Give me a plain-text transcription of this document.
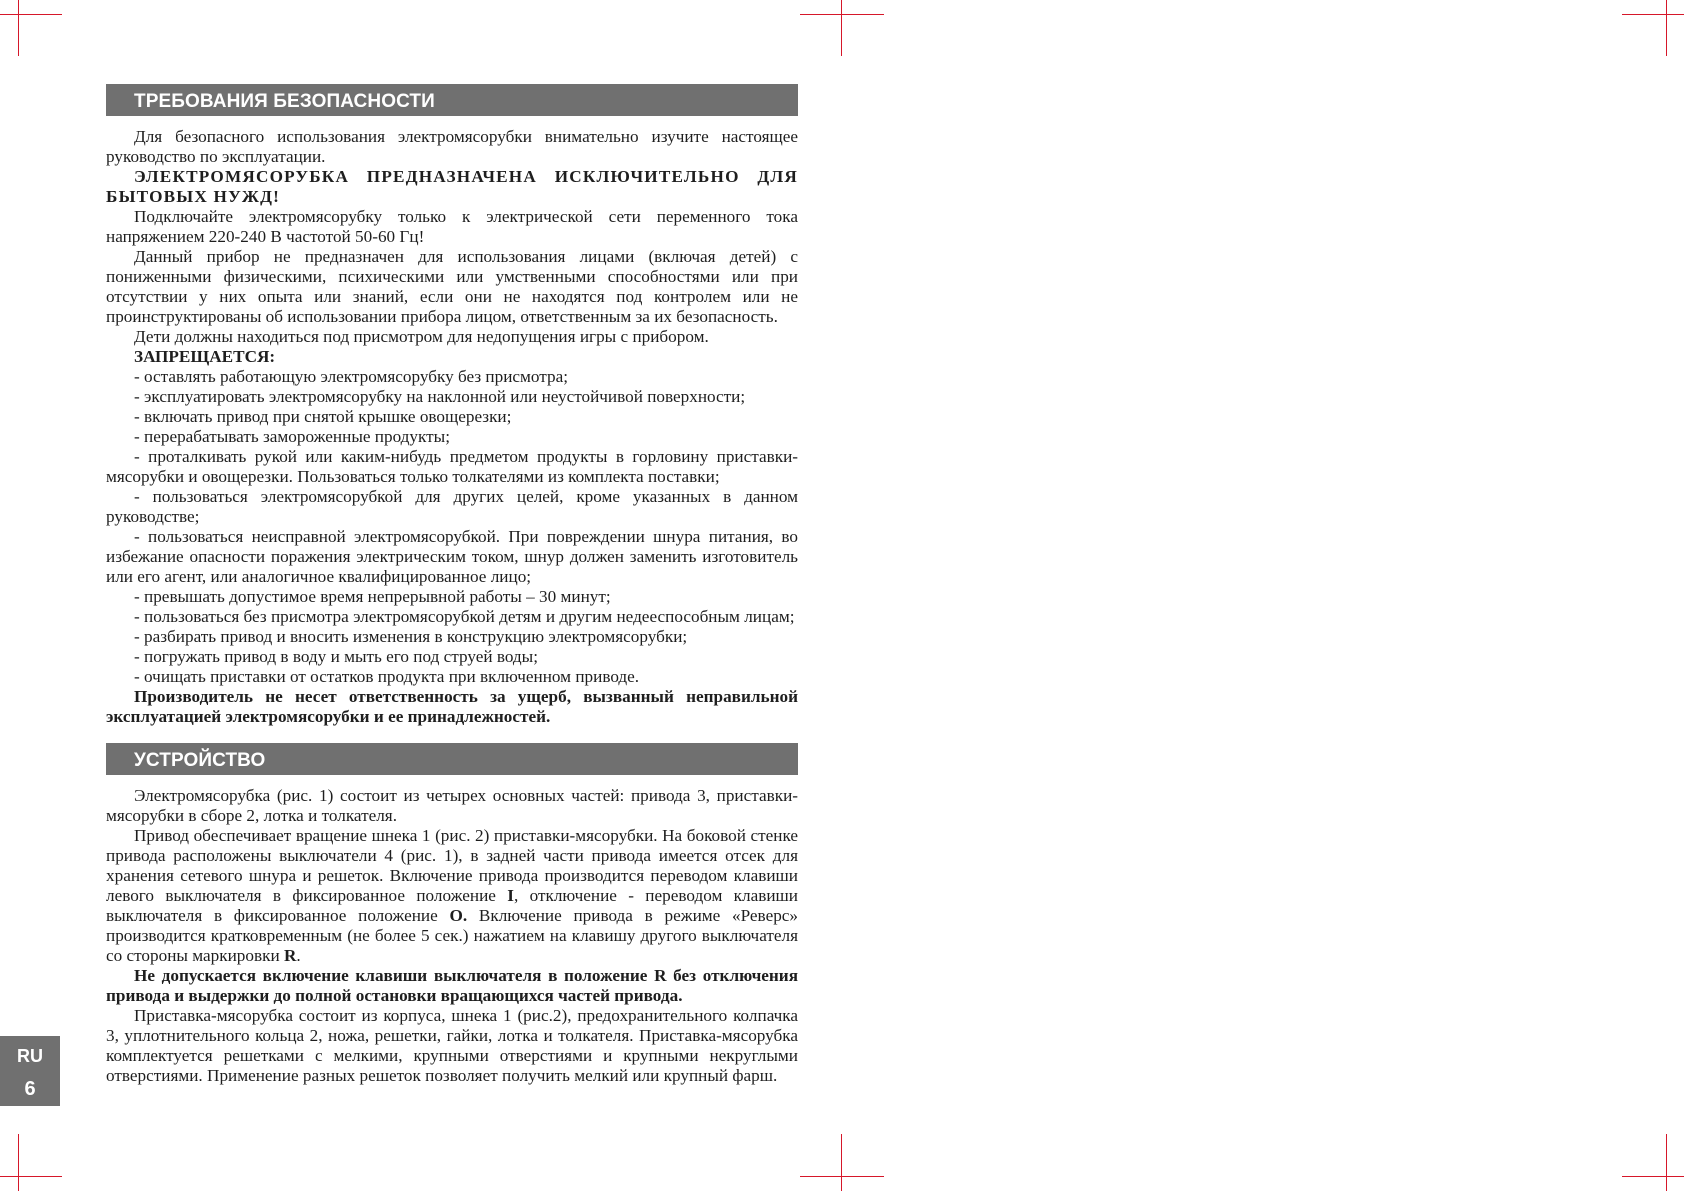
ТРЕБОВАНИЯ БЕЗОПАСНОСТИ

Для безопасного использования электромясорубки внимательно изучите настоящее руководство по эксплуатации.

ЭЛЕКТРОМЯСОРУБКА ПРЕДНАЗНАЧЕНА ИСКЛЮЧИТЕЛЬНО ДЛЯ БЫТОВЫХ НУЖД!

Подключайте электромясорубку только к электрической сети переменного тока напряжением 220-240 В частотой 50-60 Гц!

Данный прибор не предназначен для использования лицами (включая детей) с пониженными физическими, психическими или умственными способностями или при отсутствии у них опыта или знаний, если они не находятся под контролем или не проинструктированы об использовании прибора лицом, ответственным за их безопасность.

Дети должны находиться под присмотром для недопущения игры с прибором.

ЗАПРЕЩАЕТСЯ:

- оставлять работающую электромясорубку без присмотра;

- эксплуатировать электромясорубку на наклонной или неустойчивой поверхности;

- включать привод при снятой крышке овощерезки;

- перерабатывать замороженные продукты;

- проталкивать рукой или каким-нибудь предметом продукты в горловину приставки-мясорубки и овощерезки. Пользоваться только толкателями из комплекта поставки;

- пользоваться электромясорубкой для других целей, кроме указанных в данном руководстве;

- пользоваться неисправной электромясорубкой. При повреждении шнура питания, во избежание опасности поражения электрическим током, шнур должен заменить изготовитель или его агент, или аналогичное квалифицированное лицо;

- превышать допустимое время непрерывной работы – 30 минут;

- пользоваться без присмотра электромясорубкой детям и другим недееспособным лицам;

- разбирать привод и вносить изменения в конструкцию электромясорубки;

- погружать привод в воду и мыть его под струей воды;

- очищать приставки от остатков продукта при включенном приводе.

Производитель не несет ответственность за ущерб, вызванный неправильной эксплуатацией электромясорубки и ее принадлежностей.

УСТРОЙСТВО

Электромясорубка (рис. 1) состоит из четырех основных частей: привода 3, приставки-мясорубки в сборе 2, лотка и толкателя.

Привод обеспечивает вращение шнека 1 (рис. 2) приставки-мясорубки. На боковой стенке привода расположены выключатели 4 (рис. 1), в задней части привода имеется отсек для хранения сетевого шнура и решеток. Включение привода производится переводом клавиши левого выключателя в фиксированное положение I, отключение - переводом клавиши выключателя в фиксированное положение O. Включение привода в режиме «Реверс» производится кратковременным (не более 5 сек.) нажатием на клавишу другого выключателя со стороны маркировки R.

Не допускается включение клавиши выключателя в положение R без отключения привода и выдержки до полной остановки вращающихся частей привода.

Приставка-мясорубка состоит из корпуса, шнека 1 (рис.2), предохранительного колпачка 3, уплотнительного кольца 2, ножа, решетки, гайки, лотка и толкателя. Приставка-мясорубка комплектуется решетками с мелкими, крупными отверстиями и крупными некруглыми отверстиями. Применение разных решеток позволяет получить мелкий или крупный фарш.

RU
6
